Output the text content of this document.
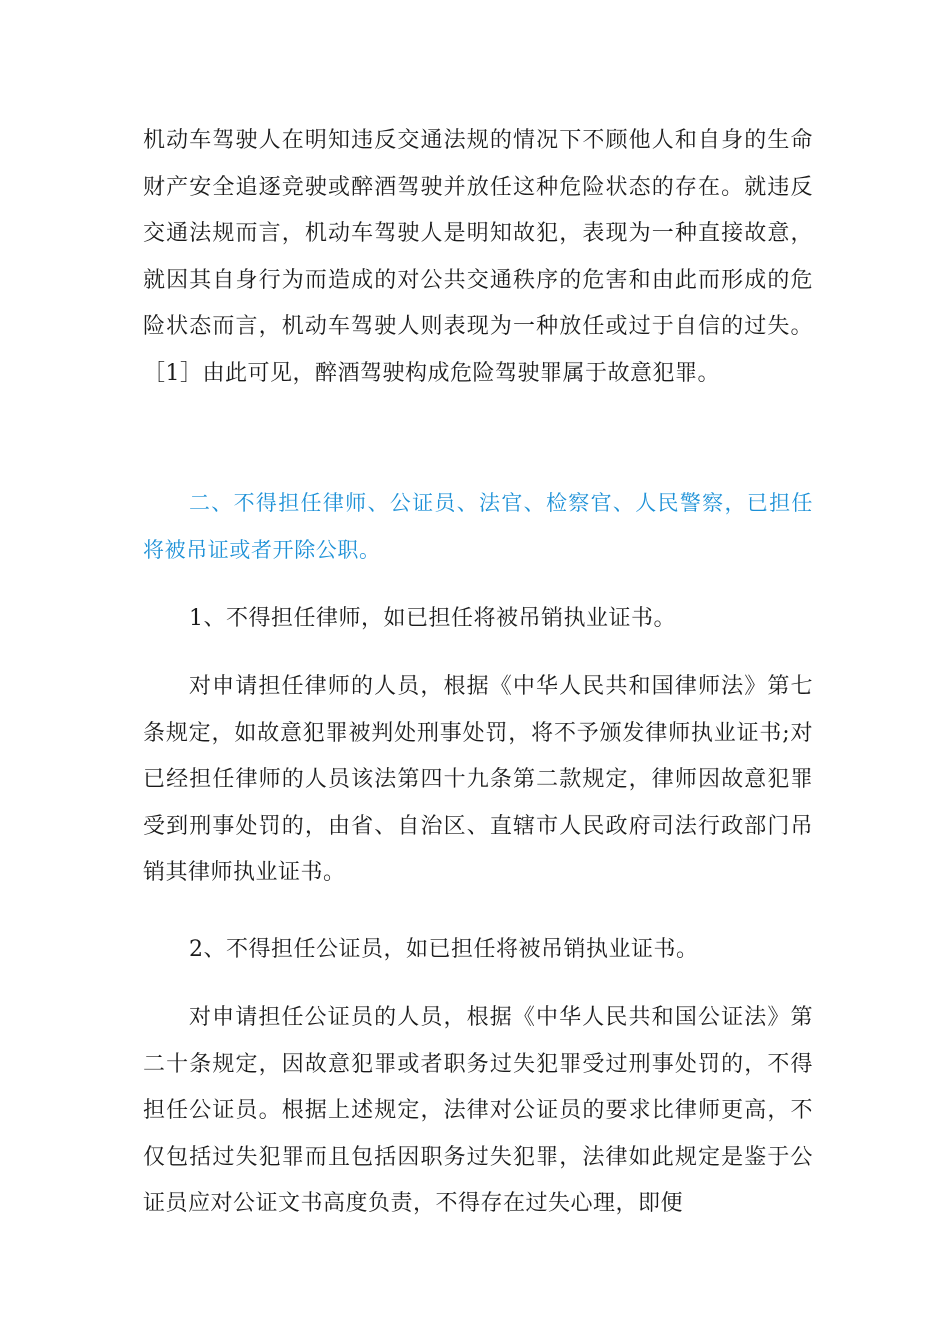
机动车驾驶人在明知违反交通法规的情况下不顾他人和自身的生命财产安全追逐竞驶或醉酒驾驶并放任这种危险状态的存在。就违反交通法规而言，机动车驾驶人是明知故犯，表现为一种直接故意，就因其自身行为而造成的对公共交通秩序的危害和由此而形成的危险状态而言，机动车驾驶人则表现为一种放任或过于自信的过失。［1］由此可见，醉酒驾驶构成危险驾驶罪属于故意犯罪。

二、不得担任律师、公证员、法官、检察官、人民警察，已担任将被吊证或者开除公职。

1、不得担任律师，如已担任将被吊销执业证书。

对申请担任律师的人员，根据《中华人民共和国律师法》第七条规定，如故意犯罪被判处刑事处罚，将不予颁发律师执业证书;对已经担任律师的人员该法第四十九条第二款规定，律师因故意犯罪受到刑事处罚的，由省、自治区、直辖市人民政府司法行政部门吊销其律师执业证书。

2、不得担任公证员，如已担任将被吊销执业证书。

对申请担任公证员的人员，根据《中华人民共和国公证法》第二十条规定，因故意犯罪或者职务过失犯罪受过刑事处罚的，不得担任公证员。根据上述规定，法律对公证员的要求比律师更高，不仅包括过失犯罪而且包括因职务过失犯罪，法律如此规定是鉴于公证员应对公证文书高度负责，不得存在过失心理，即便
